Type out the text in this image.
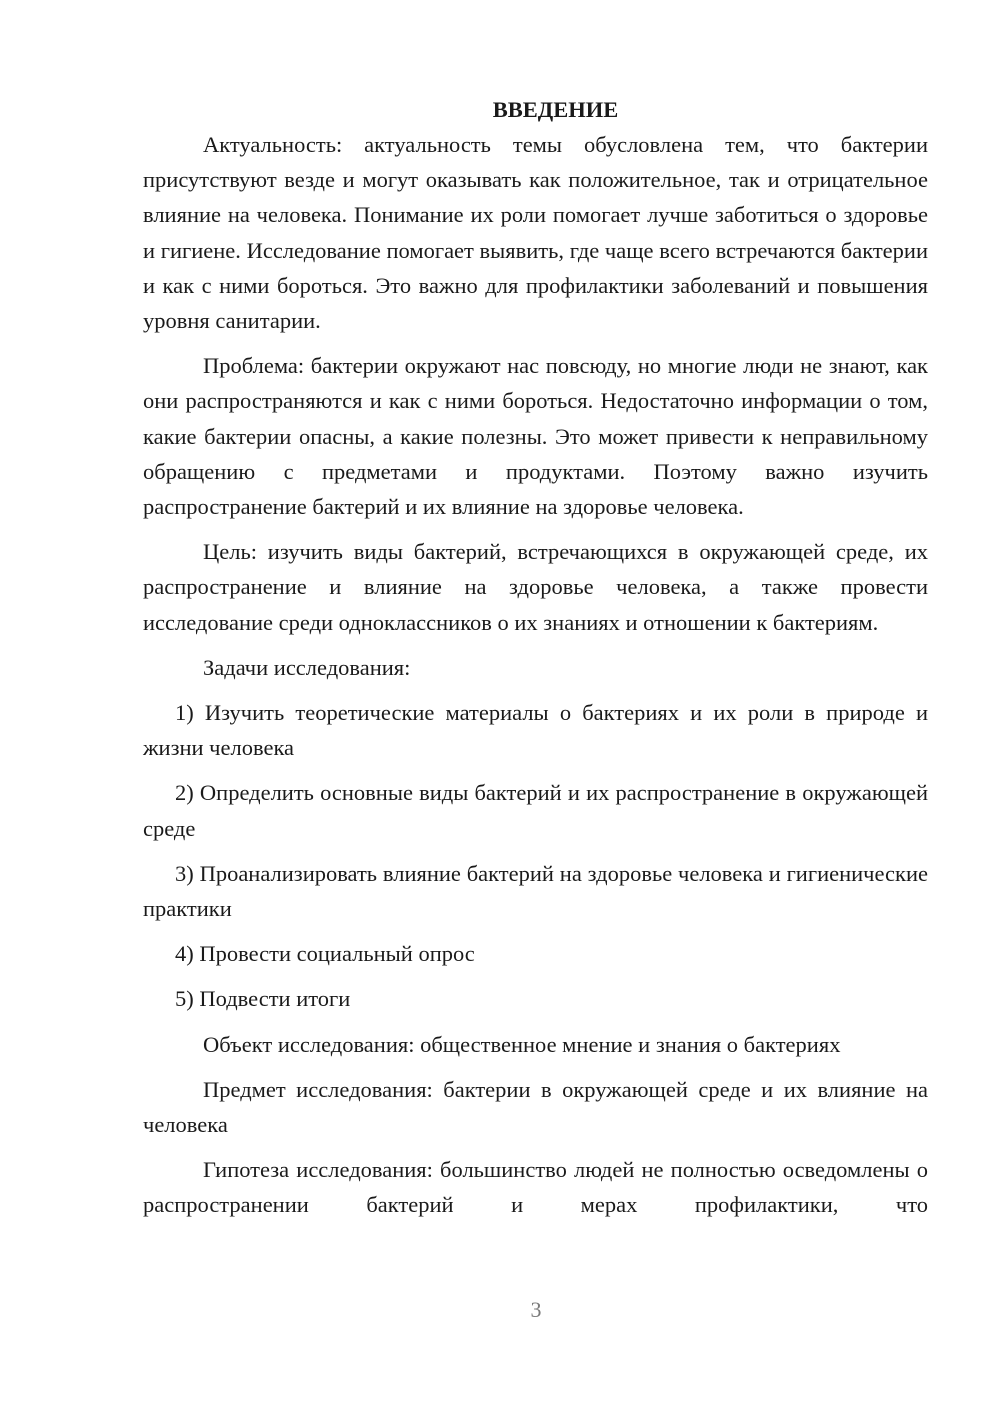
ВВЕДЕНИЕ

Актуальность: актуальность темы обусловлена тем, что бактерии присутствуют везде и могут оказывать как положительное, так и отрицательное влияние на человека. Понимание их роли помогает лучше заботиться о здоровье и гигиене. Исследование помогает выявить, где чаще всего встречаются бактерии и как с ними бороться. Это важно для профилактики заболеваний и повышения уровня санитарии.

Проблема: бактерии окружают нас повсюду, но многие люди не знают, как они распространяются и как с ними бороться. Недостаточно информации о том, какие бактерии опасны, а какие полезны. Это может привести к неправильному обращению с предметами и продуктами. Поэтому важно изучить распространение бактерий и их влияние на здоровье человека.

Цель: изучить виды бактерий, встречающихся в окружающей среде, их распространение и влияние на здоровье человека, а также провести исследование среди одноклассников о их знаниях и отношении к бактериям.

Задачи исследования:

1) Изучить теоретические материалы о бактериях и их роли в природе и жизни человека

2) Определить основные виды бактерий и их распространение в окружающей среде

3) Проанализировать влияние бактерий на здоровье человека и гигиенические практики

4) Провести социальный опрос

5) Подвести итоги

Объект исследования: общественное мнение и знания о бактериях

Предмет исследования: бактерии в окружающей среде и их влияние на человека

Гипотеза исследования: большинство людей не полностью осведомлены о распространении бактерий и мерах профилактики, что

3
